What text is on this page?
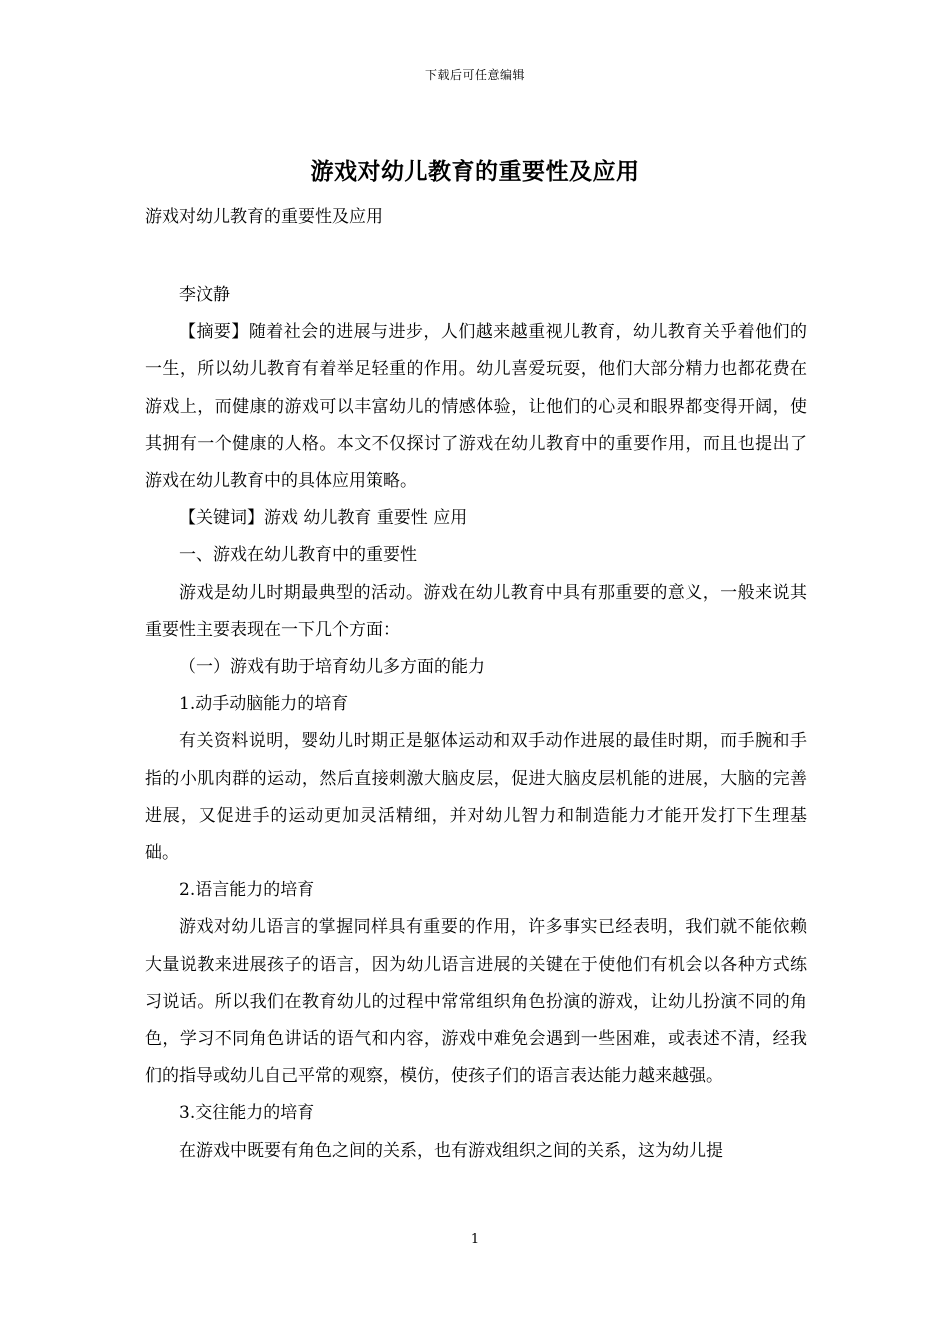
下载后可任意编辑
游戏对幼儿教育的重要性及应用
游戏对幼儿教育的重要性及应用

李汶静

【摘要】随着社会的进展与进步，人们越来越重视儿教育，幼儿教育关乎着他们的一生，所以幼儿教育有着举足轻重的作用。幼儿喜爱玩耍，他们大部分精力也都花费在游戏上，而健康的游戏可以丰富幼儿的情感体验，让他们的心灵和眼界都变得开阔，使其拥有一个健康的人格。本文不仅探讨了游戏在幼儿教育中的重要作用，而且也提出了游戏在幼儿教育中的具体应用策略。

【关键词】游戏 幼儿教育 重要性 应用

一、游戏在幼儿教育中的重要性

游戏是幼儿时期最典型的活动。游戏在幼儿教育中具有那重要的意义，一般来说其重要性主要表现在一下几个方面：

（一）游戏有助于培育幼儿多方面的能力

1.动手动脑能力的培育

有关资料说明，婴幼儿时期正是躯体运动和双手动作进展的最佳时期，而手腕和手指的小肌肉群的运动，然后直接刺激大脑皮层，促进大脑皮层机能的进展，大脑的完善进展，又促进手的运动更加灵活精细，并对幼儿智力和制造能力才能开发打下生理基础。

2.语言能力的培育

游戏对幼儿语言的掌握同样具有重要的作用，许多事实已经表明，我们就不能依赖大量说教来进展孩子的语言，因为幼儿语言进展的关键在于使他们有机会以各种方式练习说话。所以我们在教育幼儿的过程中常常组织角色扮演的游戏，让幼儿扮演不同的角色，学习不同角色讲话的语气和内容，游戏中难免会遇到一些困难，或表述不清，经我们的指导或幼儿自己平常的观察，模仿，使孩子们的语言表达能力越来越强。

3.交往能力的培育

在游戏中既要有角色之间的关系，也有游戏组织之间的关系，这为幼儿提

1
